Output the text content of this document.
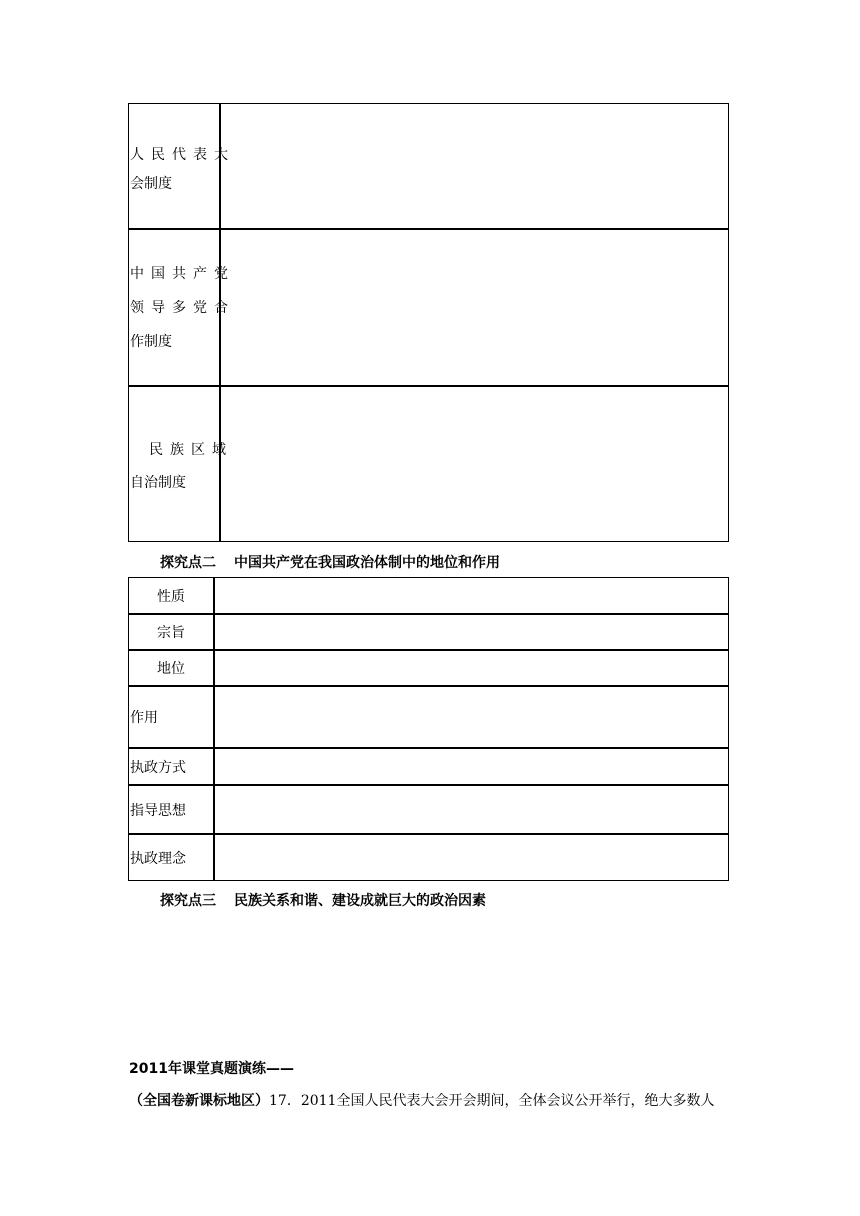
人民代表大
会制度
中国共产党
领导多党合
作制度
民族区域
自治制度
探究点二 中国共产党在我国政治体制中的地位和作用
性质
宗旨
地位
作用
执政方式
指导思想
执政理念
探究点三 民族关系和谐、建设成就巨大的政治因素
2011年课堂真题演练——
（全国卷新课标地区）17．2011全国人民代表大会开会期间，全体会议公开举行，绝大多数人
